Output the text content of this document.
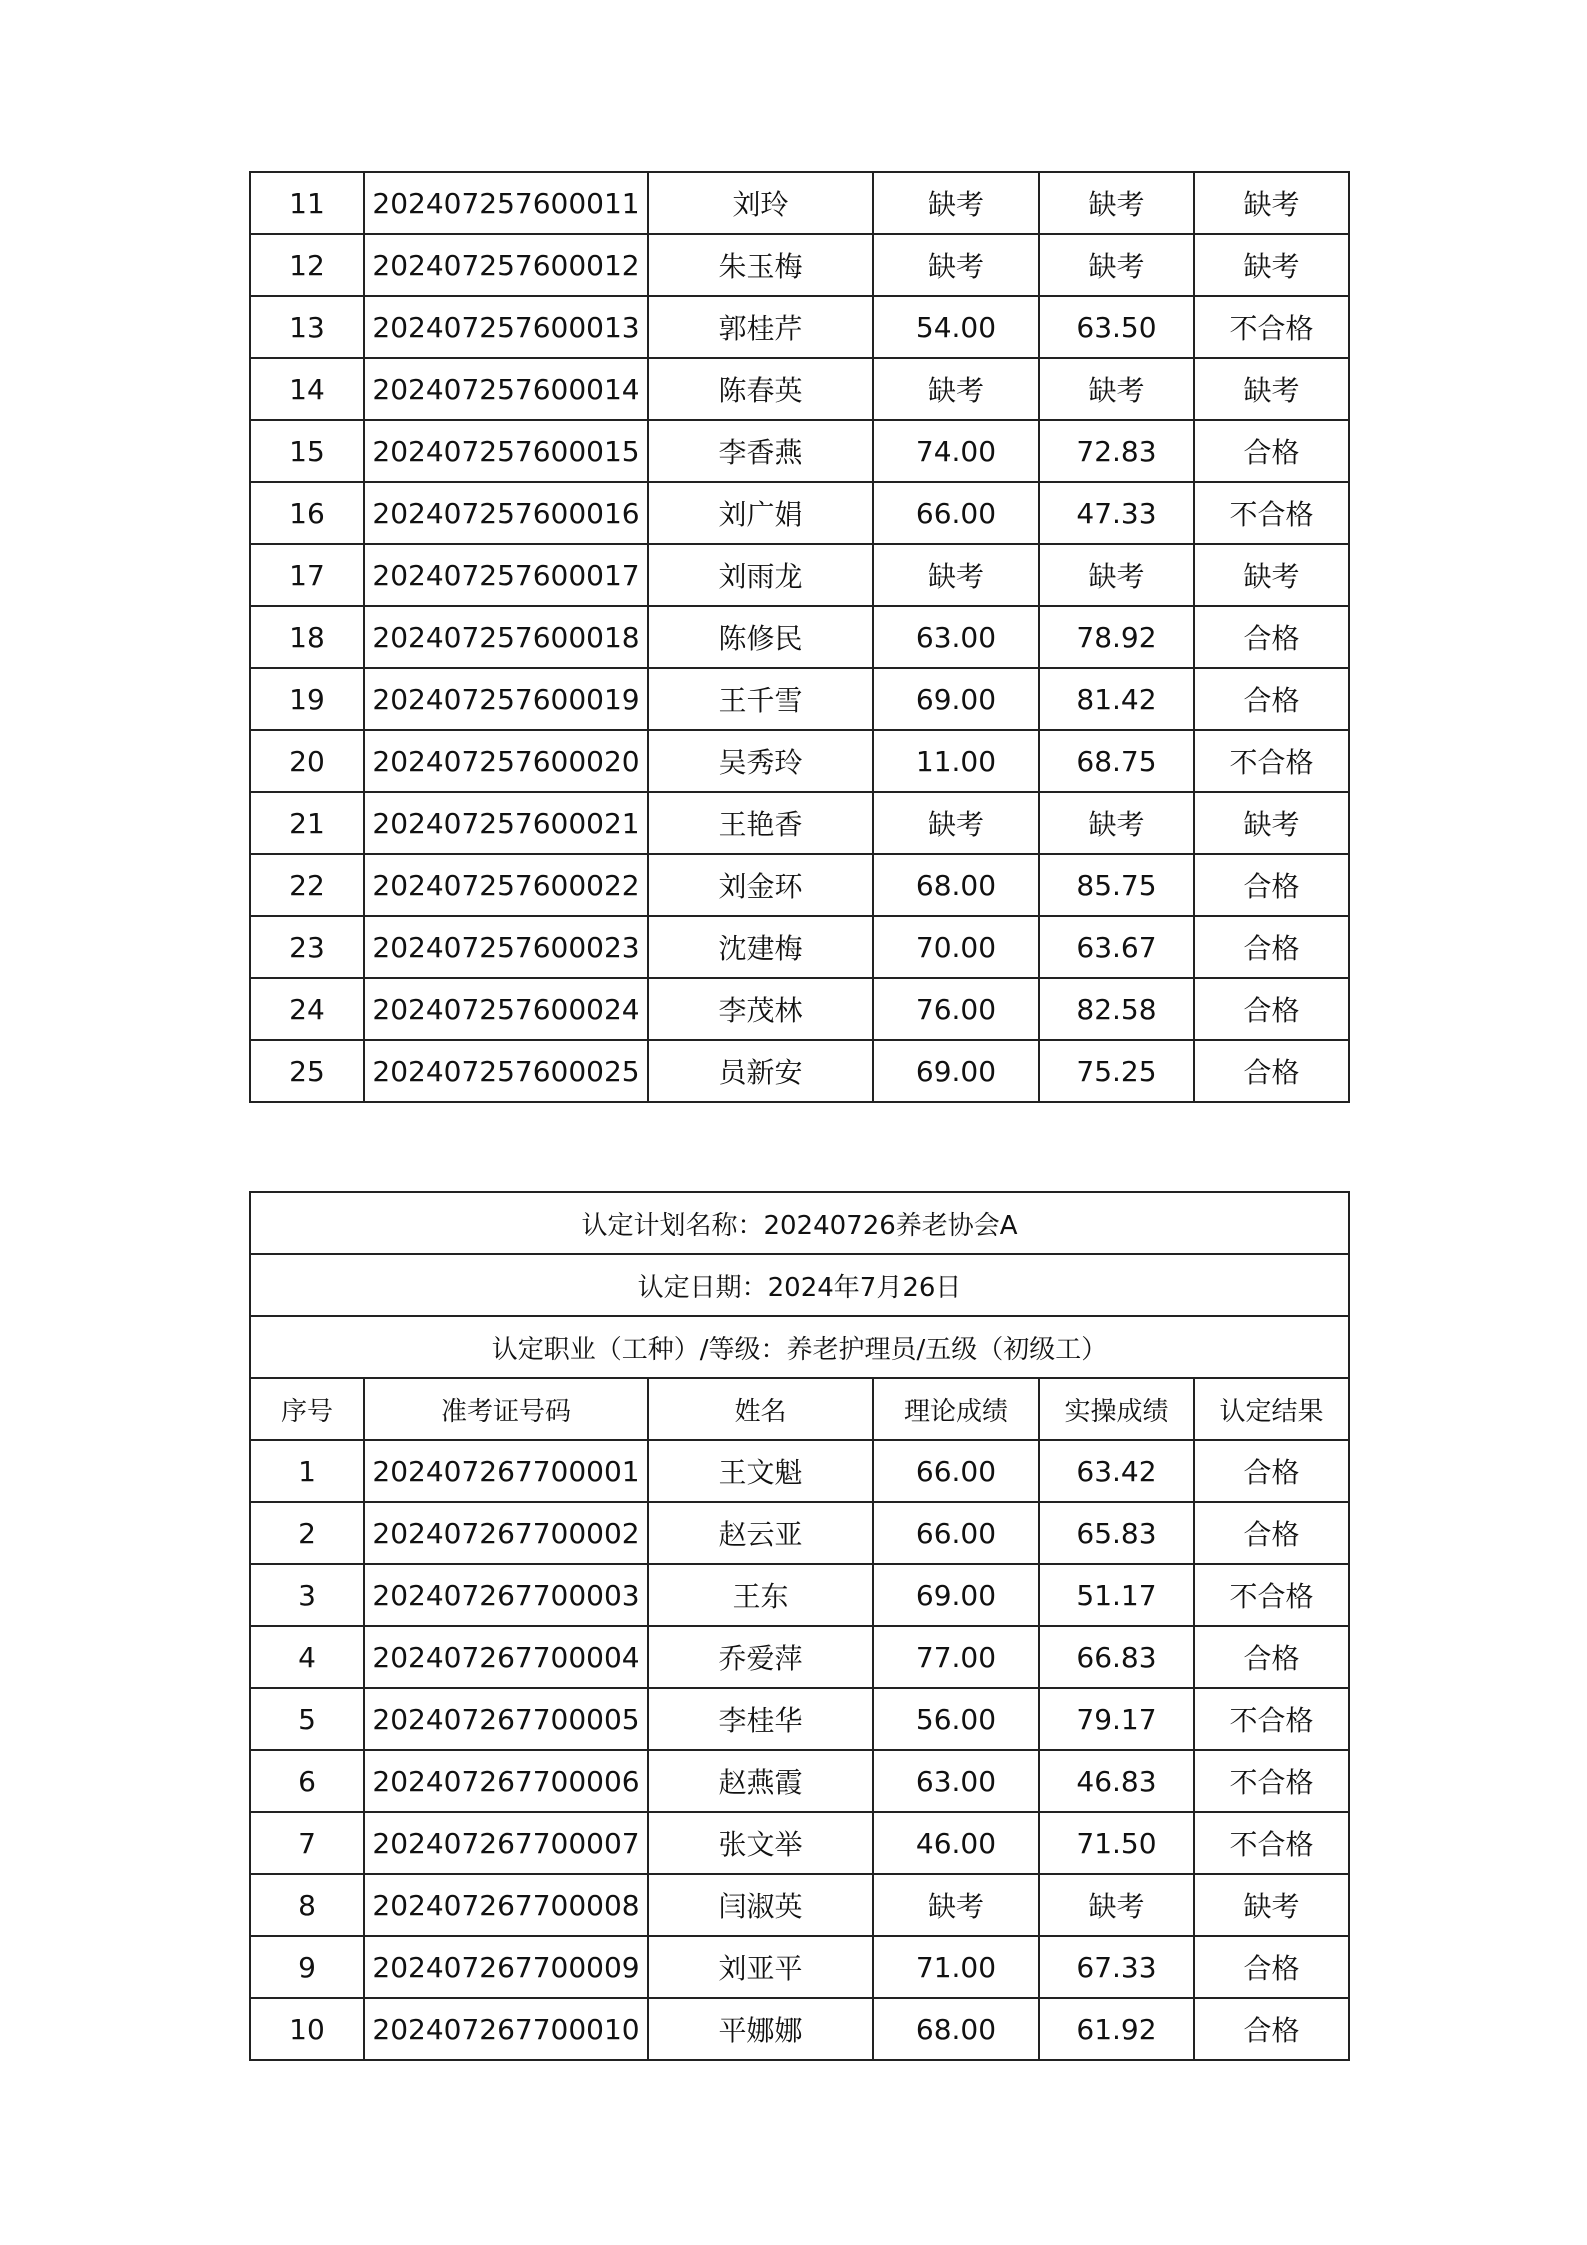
11	202407257600011	刘玲	缺考	缺考	缺考
12	202407257600012	朱玉梅	缺考	缺考	缺考
13	202407257600013	郭桂芹	54.00	63.50	不合格
14	202407257600014	陈春英	缺考	缺考	缺考
15	202407257600015	李香燕	74.00	72.83	合格
16	202407257600016	刘广娟	66.00	47.33	不合格
17	202407257600017	刘雨龙	缺考	缺考	缺考
18	202407257600018	陈修民	63.00	78.92	合格
19	202407257600019	王千雪	69.00	81.42	合格
20	202407257600020	吴秀玲	11.00	68.75	不合格
21	202407257600021	王艳香	缺考	缺考	缺考
22	202407257600022	刘金环	68.00	85.75	合格
23	202407257600023	沈建梅	70.00	63.67	合格
24	202407257600024	李茂林	76.00	82.58	合格
25	202407257600025	员新安	69.00	75.25	合格
认定计划名称：20240726养老协会A					
认定日期：2024年7月26日					
认定职业（工种）/等级：养老护理员/五级（初级工）					
序号	准考证号码	姓名	理论成绩	实操成绩	认定结果
1	202407267700001	王文魁	66.00	63.42	合格
2	202407267700002	赵云亚	66.00	65.83	合格
3	202407267700003	王东	69.00	51.17	不合格
4	202407267700004	乔爱萍	77.00	66.83	合格
5	202407267700005	李桂华	56.00	79.17	不合格
6	202407267700006	赵燕霞	63.00	46.83	不合格
7	202407267700007	张文举	46.00	71.50	不合格
8	202407267700008	闫淑英	缺考	缺考	缺考
9	202407267700009	刘亚平	71.00	67.33	合格
10	202407267700010	平娜娜	68.00	61.92	合格
